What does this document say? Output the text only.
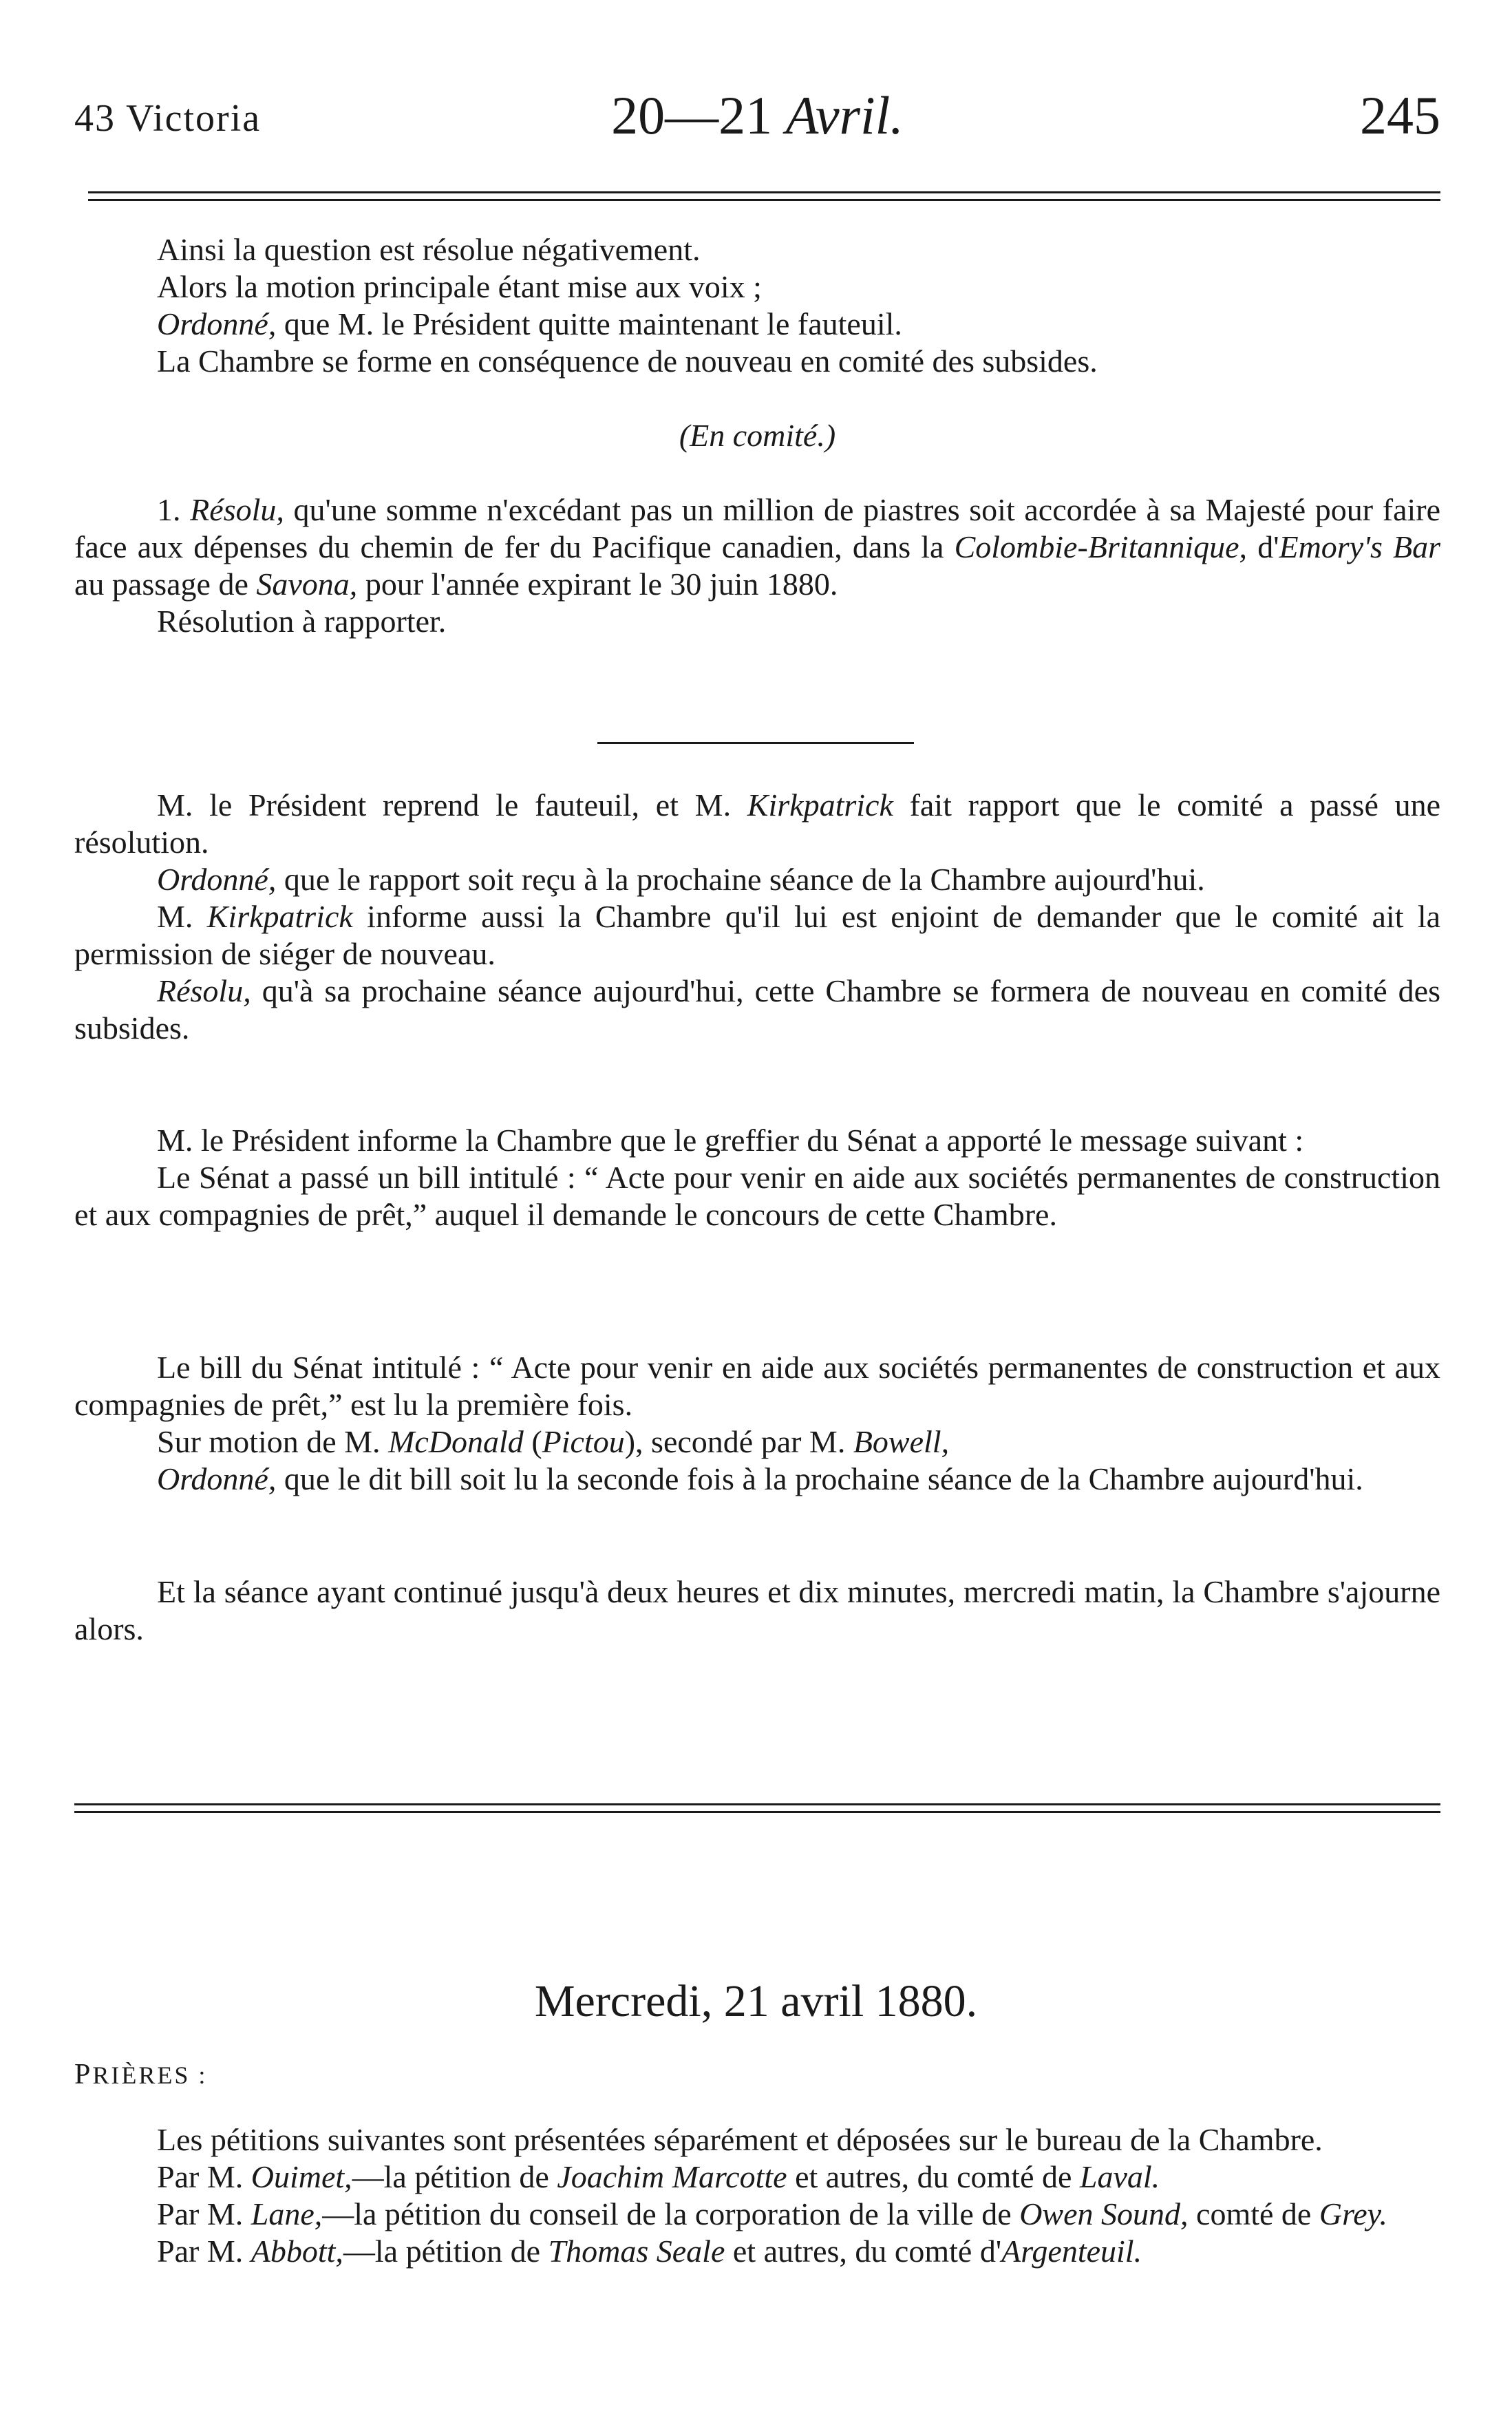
43 Victoria	20—21 Avril.	245

Ainsi la question est résolue négativement.

Alors la motion principale étant mise aux voix ;

Ordonné, que M. le Président quitte maintenant le fauteuil.

La Chambre se forme en conséquence de nouveau en comité des subsides.

(En comité.)

1. Résolu, qu'une somme n'excédant pas un million de piastres soit accordée à sa Majesté pour faire face aux dépenses du chemin de fer du Pacifique canadien, dans la Colombie-Britannique, d'Emory's Bar au passage de Savona, pour l'année expirant le 30 juin 1880.

Résolution à rapporter.

M. le Président reprend le fauteuil, et M. Kirkpatrick fait rapport que le comité a passé une résolution.

Ordonné, que le rapport soit reçu à la prochaine séance de la Chambre aujourd'hui.

M. Kirkpatrick informe aussi la Chambre qu'il lui est enjoint de demander que le comité ait la permission de siéger de nouveau.

Résolu, qu'à sa prochaine séance aujourd'hui, cette Chambre se formera de nouveau en comité des subsides.

M. le Président informe la Chambre que le greffier du Sénat a apporté le message suivant :

Le Sénat a passé un bill intitulé : “ Acte pour venir en aide aux sociétés permanentes de construction et aux compagnies de prêt,” auquel il demande le concours de cette Chambre.

Le bill du Sénat intitulé : “ Acte pour venir en aide aux sociétés permanentes de construction et aux compagnies de prêt,” est lu la première fois.

Sur motion de M. McDonald (Pictou), secondé par M. Bowell,

Ordonné, que le dit bill soit lu la seconde fois à la prochaine séance de la Chambre aujourd'hui.

Et la séance ayant continué jusqu'à deux heures et dix minutes, mercredi matin, la Chambre s'ajourne alors.

Mercredi, 21 avril 1880.
PRIÈRES :

Les pétitions suivantes sont présentées séparément et déposées sur le bureau de la Chambre.

Par M. Ouimet,—la pétition de Joachim Marcotte et autres, du comté de Laval.

Par M. Lane,—la pétition du conseil de la corporation de la ville de Owen Sound, comté de Grey.

Par M. Abbott,—la pétition de Thomas Seale et autres, du comté d'Argenteuil.
